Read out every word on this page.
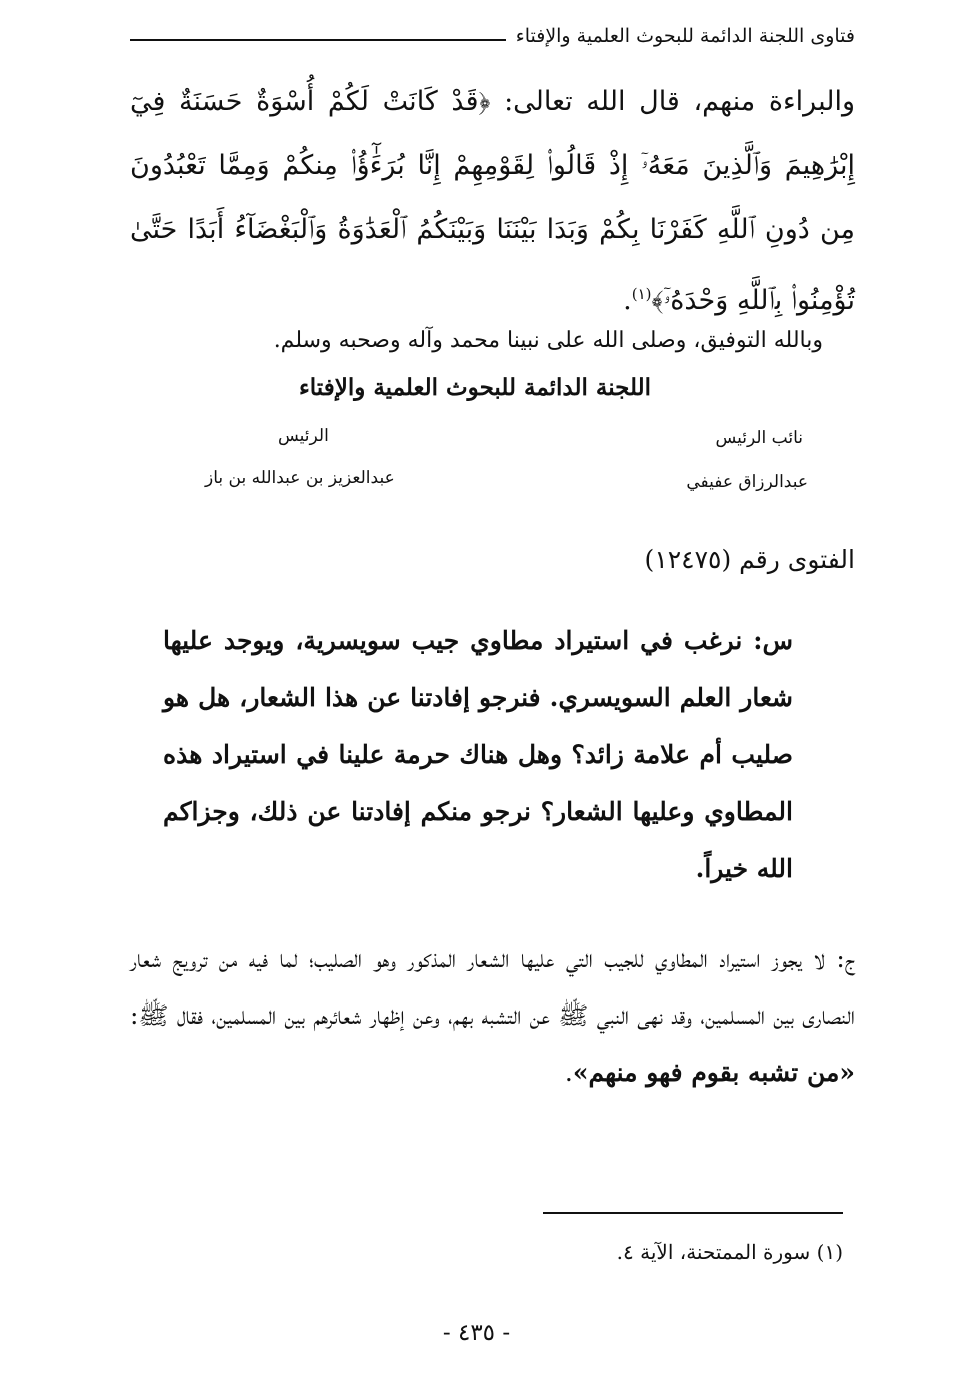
فتاوى اللجنة الدائمة للبحوث العلمية والإفتاء
والبراءة منهم، قال الله تعالى: ﴿قَدْ كَانَتْ لَكُمْ أُسْوَةٌ حَسَنَةٌ فِيٓ إِبْرَٰهِيمَ وَٱلَّذِينَ مَعَهُۥٓ إِذْ قَالُوا۟ لِقَوْمِهِمْ إِنَّا بُرَءَٰٓؤُا۟ مِنكُمْ وَمِمَّا تَعْبُدُونَ مِن دُونِ ٱللَّهِ كَفَرْنَا بِكُمْ وَبَدَا بَيْنَنَا وَبَيْنَكُمُ ٱلْعَدَٰوَةُ وَٱلْبَغْضَآءُ أَبَدًا حَتَّىٰ تُؤْمِنُوا۟ بِٱللَّهِ وَحْدَهُۥٓ﴾$^{(١)}$.
وبالله التوفيق، وصلى الله على نبينا محمد وآله وصحبه وسلم.
اللجنة الدائمة للبحوث العلمية والإفتاء
نائب الرئيس
عبدالرزاق عفيفي
الرئيس
عبدالعزيز بن عبدالله بن باز
الفتوى رقم (١٢٤٧٥)
س: نرغب في استيراد مطاوي جيب سويسرية، ويوجد عليها شعار العلم السويسري. فنرجو إفادتنا عن هذا الشعار، هل هو صليب أم علامة زائد؟ وهل هناك حرمة علينا في استيراد هذه المطاوي وعليها الشعار؟ نرجو منكم إفادتنا عن ذلك، وجزاكم الله خيراً.
ج: لا يجوز استيراد المطاوي للجيب التي عليها الشعار المذكور وهو الصليب؛ لما فيه من ترويج شعار النصارى بين المسلمين، وقد نهى النبي ﷺ عن التشبه بهم، وعن إظهار شعائرهم بين المسلمين، فقال ﷺ: «من تشبه بقوم فهو منهم».
(١) سورة الممتحنة، الآية ٤.
- ٤٣٥ -
